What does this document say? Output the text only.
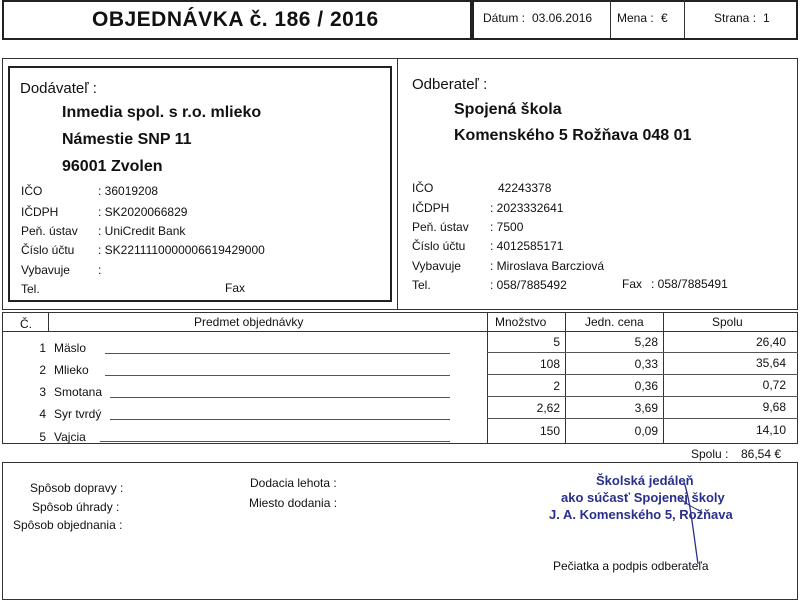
OBJEDNÁVKA č. 186 / 2016	Dátum : 03.06.2016 Mena : €	Strana : 1
Dodávateľ :
Inmedia spol. s r.o. mlieko
Námestie SNP 11
96001 Zvolen
IČO	: 36019208
IČDPH	: SK2020066829
Peň. ústav : UniCredit Bank
Číslo účtu : SK2211110000006619429000
Vybavuje :
Tel.	Fax
Odberateľ :
Spojená škola
Komenského 5 Rožňava 048 01
IČO	42243378
IČDPH	: 2023332641
Peň. ústav : 7500
Číslo účtu : 4012585171
Vybavuje : Miroslava Barcziová
Tel.	: 058/7885492	Fax : 058/7885491
Č.	Predmet objednávky	Množstvo	Jedn. cena	Spolu
1 Mäslo	5	5,28	26,40
2 Mlieko	108	0,33	35,64
3 Smotana	2	0,36	0,72
4 Syr tvrdý	2,62	3,69	9,68
5 Vajcia	150	0,09	14,10
Spolu : 86,54 €
Spôsob dopravy :
Spôsob úhrady :
Spôsob objednania :
Dodacia lehota :
Miesto dodania :
Školská jedáleň
ako súčasť Spojenej školy
J. A. Komenského 5, Rožňava
Pečiatka a podpis odberateľa
